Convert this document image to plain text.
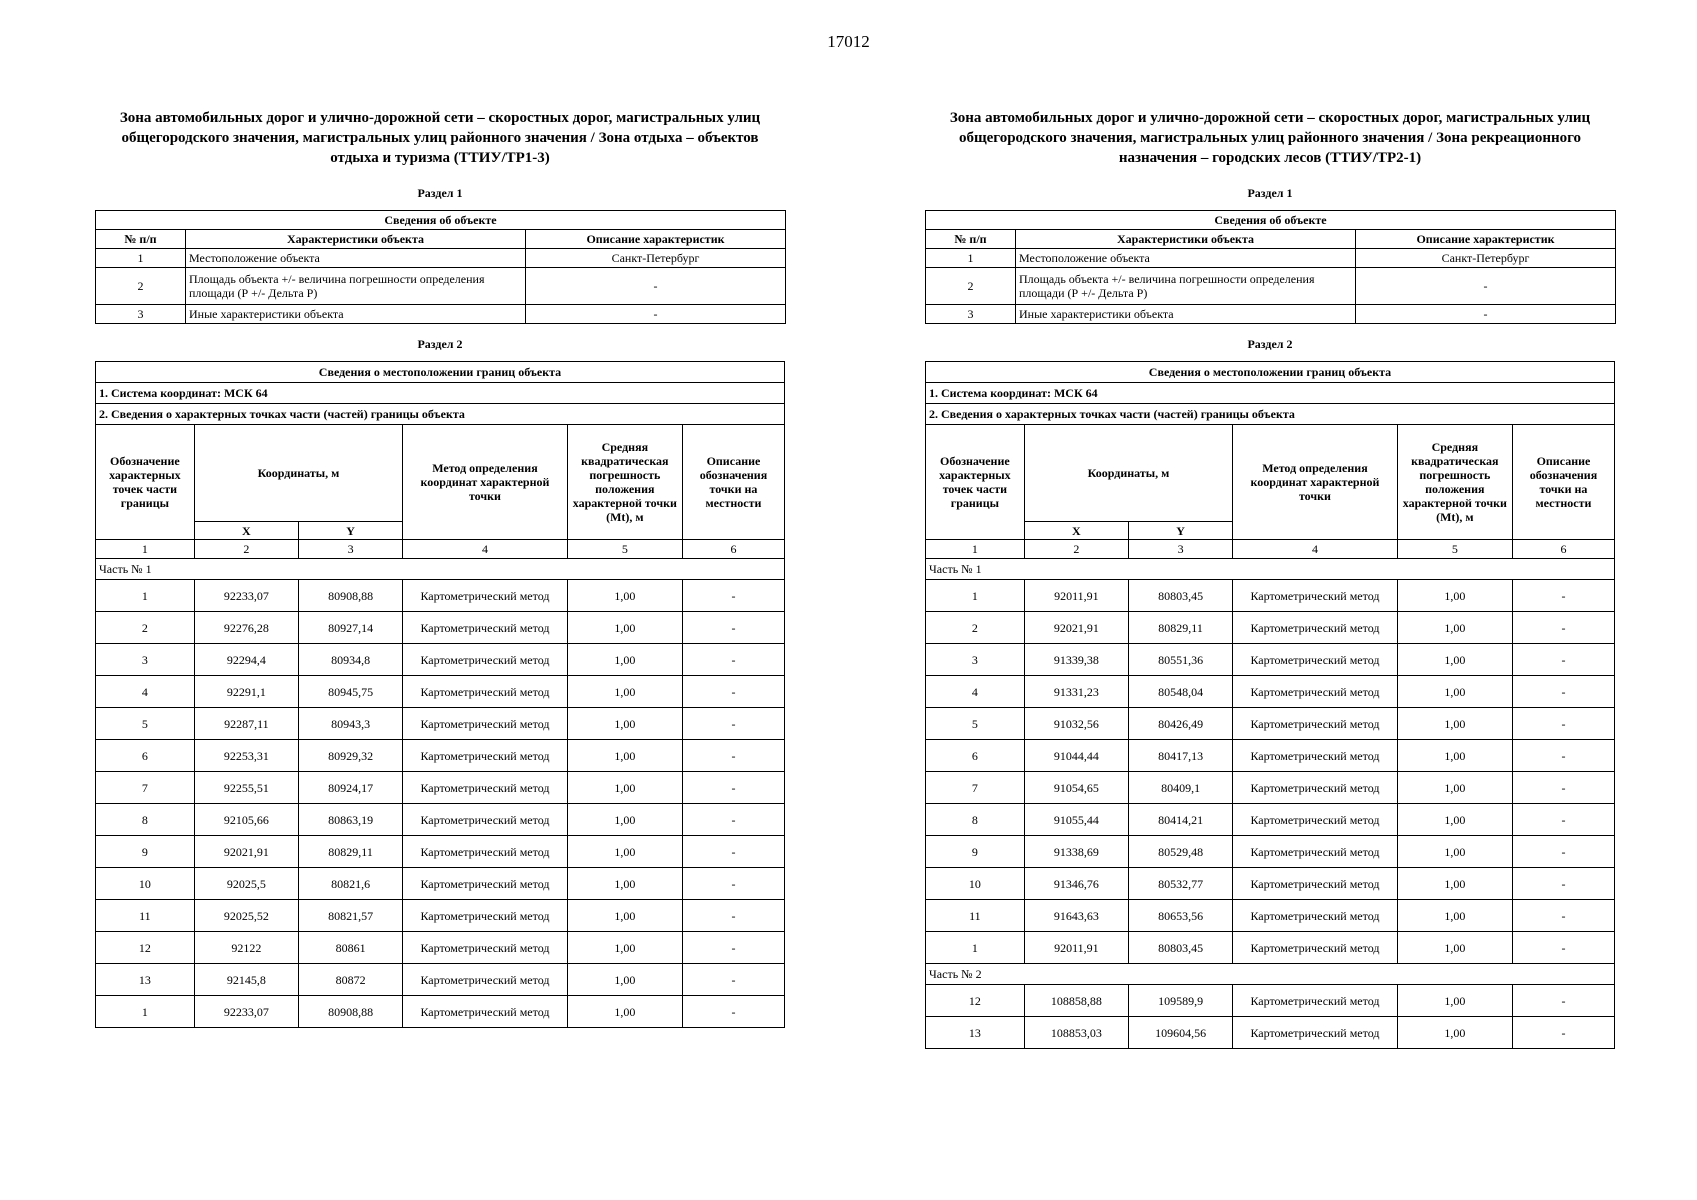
17012
Зона автомобильных дорог и улично-дорожной сети – скоростных дорог, магистральных улиц общегородского значения, магистральных улиц районного значения / Зона отдыха – объектов отдыха и туризма (ТТИУ/ТР1-3)
Раздел 1
Сведения об объекте		
№ п/п	Характеристики объекта	Описание характеристик
1	Местоположение объекта	Санкт-Петербург
2	Площадь объекта +/- величина погрешности определения площади (Р +/- Дельта Р)	-
3	Иные характеристики объекта	-
Раздел 2
Сведения о местоположении границ объекта					
1. Система координат: МСК 64					
2. Сведения о характерных точках части (частей) границы объекта					
Обозначение характерных точек части границы	Координаты, м		Метод определения координат характерной точки	Средняя квадратическая погрешность положения характерной точки (Mt), м	Описание обозначения точки на местности
	X	Y			
1	2	3	4	5	6
Часть № 1					
1	92233,07	80908,88	Картометрический метод	1,00	-
2	92276,28	80927,14	Картометрический метод	1,00	-
3	92294,4	80934,8	Картометрический метод	1,00	-
4	92291,1	80945,75	Картометрический метод	1,00	-
5	92287,11	80943,3	Картометрический метод	1,00	-
6	92253,31	80929,32	Картометрический метод	1,00	-
7	92255,51	80924,17	Картометрический метод	1,00	-
8	92105,66	80863,19	Картометрический метод	1,00	-
9	92021,91	80829,11	Картометрический метод	1,00	-
10	92025,5	80821,6	Картометрический метод	1,00	-
11	92025,52	80821,57	Картометрический метод	1,00	-
12	92122	80861	Картометрический метод	1,00	-
13	92145,8	80872	Картометрический метод	1,00	-
1	92233,07	80908,88	Картометрический метод	1,00	-
Зона автомобильных дорог и улично-дорожной сети – скоростных дорог, магистральных улиц общегородского значения, магистральных улиц районного значения / Зона рекреационного назначения – городских лесов (ТТИУ/ТР2-1)
Раздел 1
Сведения об объекте		
№ п/п	Характеристики объекта	Описание характеристик
1	Местоположение объекта	Санкт-Петербург
2	Площадь объекта +/- величина погрешности определения площади (Р +/- Дельта Р)	-
3	Иные характеристики объекта	-
Раздел 2
Сведения о местоположении границ объекта					
1. Система координат: МСК 64					
2. Сведения о характерных точках части (частей) границы объекта					
Обозначение характерных точек части границы	Координаты, м		Метод определения координат характерной точки	Средняя квадратическая погрешность положения характерной точки (Mt), м	Описание обозначения точки на местности
	X	Y			
1	2	3	4	5	6
Часть № 1					
1	92011,91	80803,45	Картометрический метод	1,00	-
2	92021,91	80829,11	Картометрический метод	1,00	-
3	91339,38	80551,36	Картометрический метод	1,00	-
4	91331,23	80548,04	Картометрический метод	1,00	-
5	91032,56	80426,49	Картометрический метод	1,00	-
6	91044,44	80417,13	Картометрический метод	1,00	-
7	91054,65	80409,1	Картометрический метод	1,00	-
8	91055,44	80414,21	Картометрический метод	1,00	-
9	91338,69	80529,48	Картометрический метод	1,00	-
10	91346,76	80532,77	Картометрический метод	1,00	-
11	91643,63	80653,56	Картометрический метод	1,00	-
1	92011,91	80803,45	Картометрический метод	1,00	-
Часть № 2					
12	108858,88	109589,9	Картометрический метод	1,00	-
13	108853,03	109604,56	Картометрический метод	1,00	-
